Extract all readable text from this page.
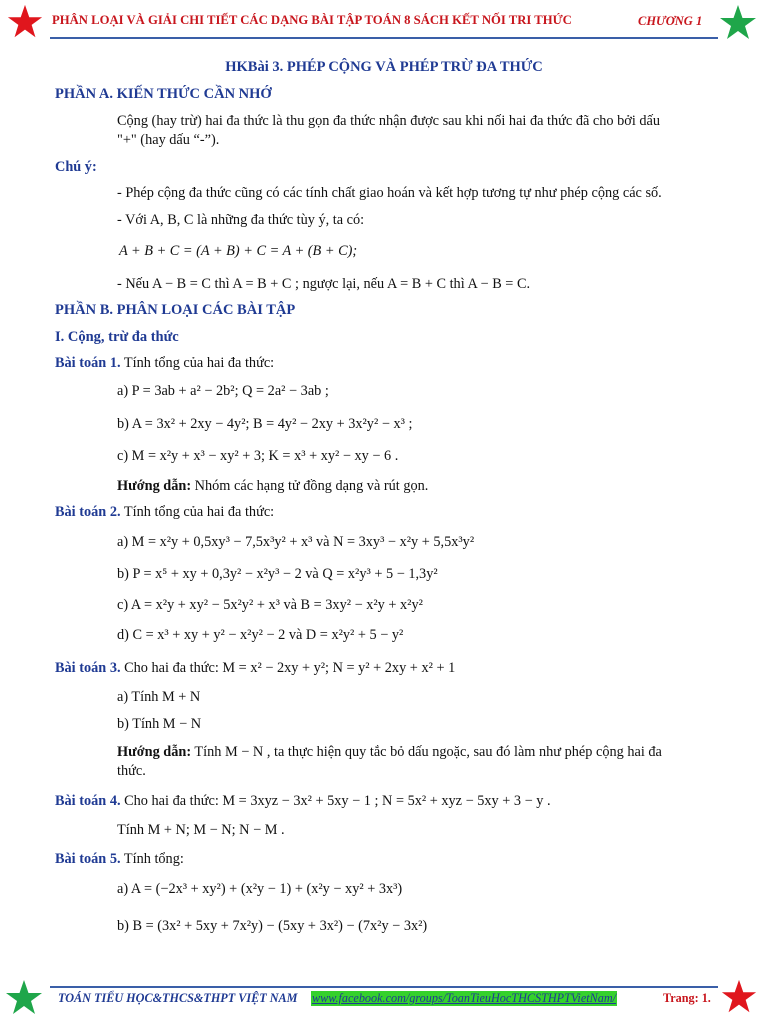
PHÂN LOẠI VÀ GIẢI CHI TIẾT CÁC DẠNG BÀI TẬP TOÁN 8 SÁCH KẾT NỐI TRI THỨC	CHƯƠNG 1
HKBài 3. PHÉP CỘNG VÀ PHÉP TRỪ ĐA THỨC
PHẦN A. KIẾN THỨC CẦN NHỚ
Cộng (hay trừ) hai đa thức là thu gọn đa thức nhận được sau khi nối hai đa thức đã cho bởi dấu
"+" (hay dấu “-”).
Chú ý:
- Phép cộng đa thức cũng có các tính chất giao hoán và kết hợp tương tự như phép cộng các số.
- Với A, B, C là những đa thức tùy ý, ta có:
A + B + C = (A + B) + C = A + (B + C);
- Nếu A − B = C thì A = B + C ; ngược lại, nếu A = B + C thì A − B = C.
PHẦN B. PHÂN LOẠI CÁC BÀI TẬP
I. Cộng, trừ đa thức
Bài toán 1. Tính tổng của hai đa thức:
a) P = 3ab + a² − 2b²; Q = 2a² − 3ab ;
b) A = 3x² + 2xy − 4y²; B = 4y² − 2xy + 3x²y² − x³ ;
c) M = x²y + x³ − xy² + 3; K = x³ + xy² − xy − 6 .
Hướng dẫn: Nhóm các hạng tử đồng dạng và rút gọn.
Bài toán 2. Tính tổng của hai đa thức:
a) M = x²y + 0,5xy³ − 7,5x³y² + x³ và N = 3xy³ − x²y + 5,5x³y²
b) P = x⁵ + xy + 0,3y² − x²y³ − 2 và Q = x²y³ + 5 − 1,3y²
c) A = x²y + xy² − 5x²y² + x³ và B = 3xy² − x²y + x²y²
d) C = x³ + xy + y² − x²y² − 2 và D = x²y² + 5 − y²
Bài toán 3. Cho hai đa thức: M = x² − 2xy + y²; N = y² + 2xy + x² + 1
a) Tính M + N
b) Tính M − N
Hướng dẫn: Tính M − N , ta thực hiện quy tắc bỏ dấu ngoặc, sau đó làm như phép cộng hai đa
thức.
Bài toán 4. Cho hai đa thức: M = 3xyz − 3x² + 5xy − 1 ; N = 5x² + xyz − 5xy + 3 − y .
Tính M + N; M − N; N − M .
Bài toán 5. Tính tổng:
a) A = (−2x³ + xy²) + (x²y − 1) + (x²y − xy² + 3x³)
b) B = (3x² + 5xy + 7x²y) − (5xy + 3x²) − (7x²y − 3x²)
TOÁN TIỂU HỌC&THCS&THPT VIỆT NAM www.facebook.com/groups/ToanTieuHocTHCSTHPTVietNam/	Trang: 1.
